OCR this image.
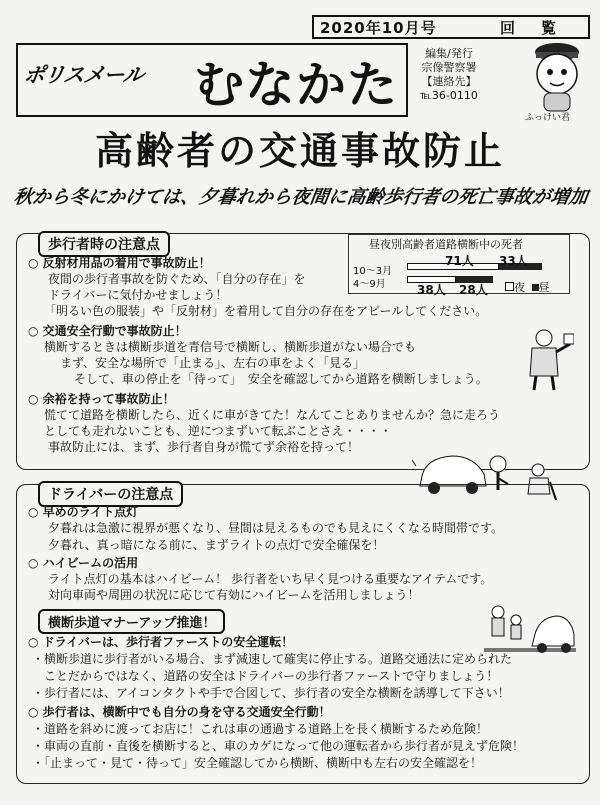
2020年10月号	回覧
ポリスメール むなかた
編集/発行
宗像警察署
【連絡先】
℡36-0110
ふっけい君
高齢者の交通事故防止
秋から冬にかけては、夕暮れから夜間に高齢歩行者の死亡事故が増加
歩行者時の注意点	昼夜別高齢者道路横断中の死者
10～3月
4～9月
71人 33人
38人 28人	夜 昼
○ 反射材用品の着用で事故防止！
夜間の歩行者事故を防ぐため、「自分の存在」を
ドライバーに気付かせましょう！
「明るい色の服装」や「反射材」を着用して自分の存在をアピールしてください。
○ 交通安全行動で事故防止！
横断するときは横断歩道を青信号で横断し、横断歩道がない場合でも
まず、安全な場所で「止まる」、左右の車をよく「見る」
そして、車の停止を「待って」　安全を確認してから道路を横断しましょう。
○ 余裕を持って事故防止！
慌てて道路を横断したら、近くに車がきてた！なんてことありませんか？急に走ろう
としても走れないことも、逆につまずいて転ぶことさえ・・・・
事故防止には、まず、歩行者自身が慌てず余裕を持って！
ドライバーの注意点
○ 早めのライト点灯
夕暮れは急激に視界が悪くなり、昼間は見えるものでも見えにくくなる時間帯です。
夕暮れ、真っ暗になる前に、まずライトの点灯で安全確保を！
○ ハイビームの活用
ライト点灯の基本はハイビーム！ 歩行者をいち早く見つける重要なアイテムです。
対向車両や周囲の状況に応じて有効にハイビームを活用しましょう！
横断歩道マナーアップ推進！
○ ドライバーは、歩行者ファーストの安全運転！
・横断歩道に歩行者がいる場合、まず減速して確実に停止する。道路交通法に定められた
ことだからではなく、道路の安全はドライバーの歩行者ファーストで守りましょう！
・歩行者には、アイコンタクトや手で合図して、歩行者の安全な横断を誘導して下さい！
○ 歩行者は、横断中でも自分の身を守る交通安全行動！
・道路を斜めに渡ってお店に！これは車の通過する道路上を長く横断するため危険！
・車両の直前・直後を横断すると、車のカゲになって他の運転者から歩行者が見えず危険！
・「止まって・見て・待って」安全確認してから横断、横断中も左右の安全確認を！
